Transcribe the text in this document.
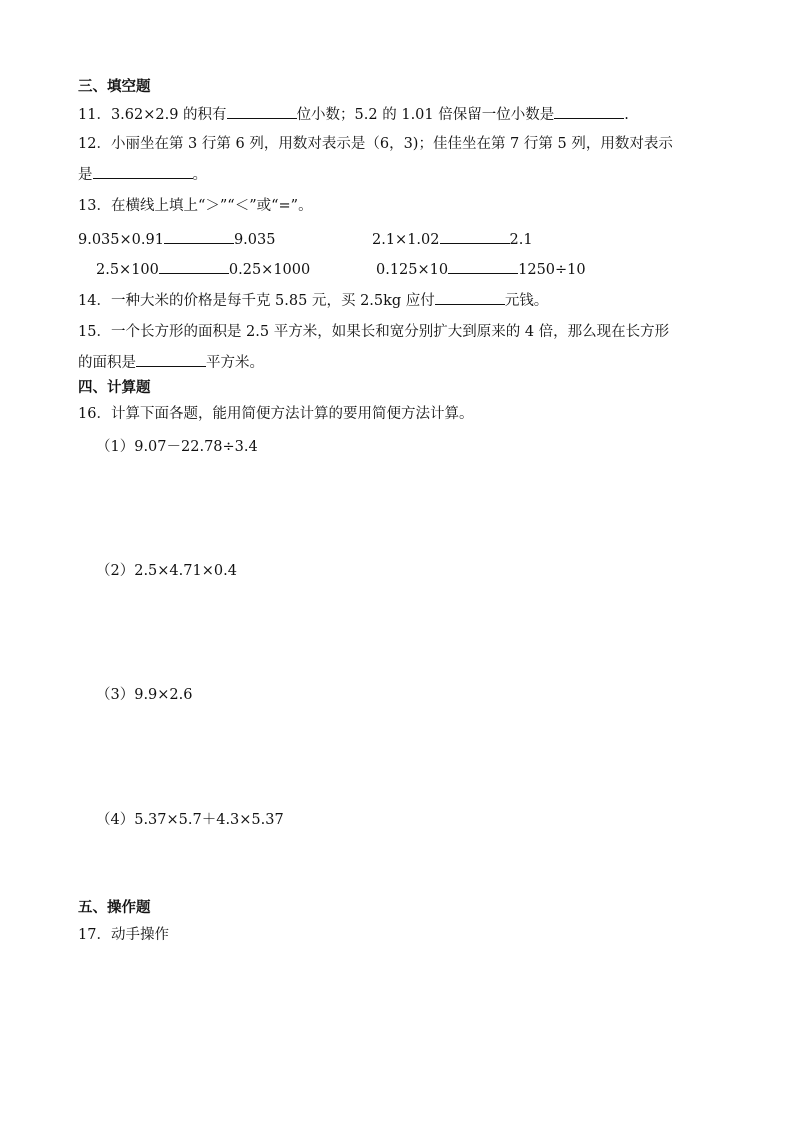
三、填空题
11．3.62×2.9 的积有	位小数；5.2 的 1.01 倍保留一位小数是	.
12．小丽坐在第 3 行第 6 列，用数对表示是（6，3)；佳佳坐在第 7 行第 5 列，用数对表示
是	。
13．在横线上填上“＞”“＜”或“=”。
9.035×0.91	9.035	2.1×1.02	2.1
2.5×100	0.25×1000	0.125×10	1250÷10
14．一种大米的价格是每千克 5.85 元，买 2.5kg 应付	元钱。
15．一个长方形的面积是 2.5 平方米，如果长和宽分别扩大到原来的 4 倍，那么现在长方形
的面积是	平方米。
四、计算题
16．计算下面各题，能用简便方法计算的要用简便方法计算。
（1）9.07－22.78÷3.4
（2）2.5×4.71×0.4
（3）9.9×2.6
（4）5.37×5.7＋4.3×5.37
五、操作题
17．动手操作
